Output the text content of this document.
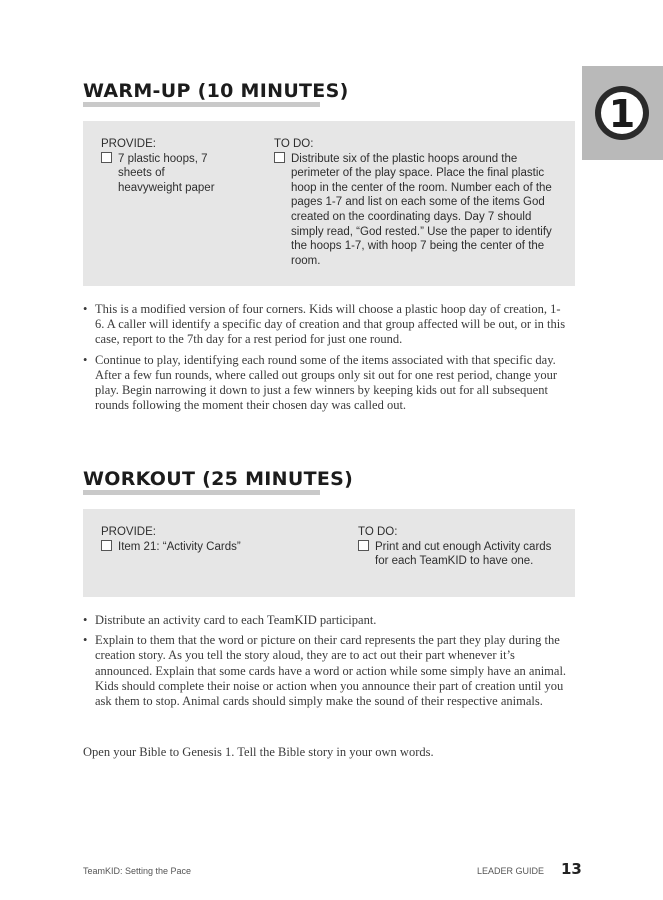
1
WARM-UP (10 MINUTES)
PROVIDE:
7 plastic hoops, 7 sheets of heavyweight paper
TO DO:
Distribute six of the plastic hoops around the perimeter of the play space. Place the final plastic hoop in the center of the room. Number each of the pages 1-7 and list on each some of the items God created on the coordinating days. Day 7 should simply read, “God rested.” Use the paper to identify the hoops 1-7, with hoop 7 being the center of the room.
• This is a modified version of four corners. Kids will choose a plastic hoop day of creation, 1-6. A caller will identify a specific day of creation and that group affected will be out, or in this case, report to the 7th day for a rest period for just one round.
• Continue to play, identifying each round some of the items associated with that specific day. After a few fun rounds, where called out groups only sit out for one rest period, change your play. Begin narrowing it down to just a few winners by keeping kids out for all subsequent rounds following the moment their chosen day was called out.
WORKOUT (25 MINUTES)
PROVIDE:
Item 21: “Activity Cards”
TO DO:
Print and cut enough Activity cards for each TeamKID to have one.
• Distribute an activity card to each TeamKID participant.
• Explain to them that the word or picture on their card represents the part they play during the creation story. As you tell the story aloud, they are to act out their part whenever it’s announced. Explain that some cards have a word or action while some simply have an animal. Kids should complete their noise or action when you announce their part of creation until you ask them to stop. Animal cards should simply make the sound of their respective animals.
Open your Bible to Genesis 1. Tell the Bible story in your own words.
TeamKID: Setting the Pace	LEADER GUIDE 13
